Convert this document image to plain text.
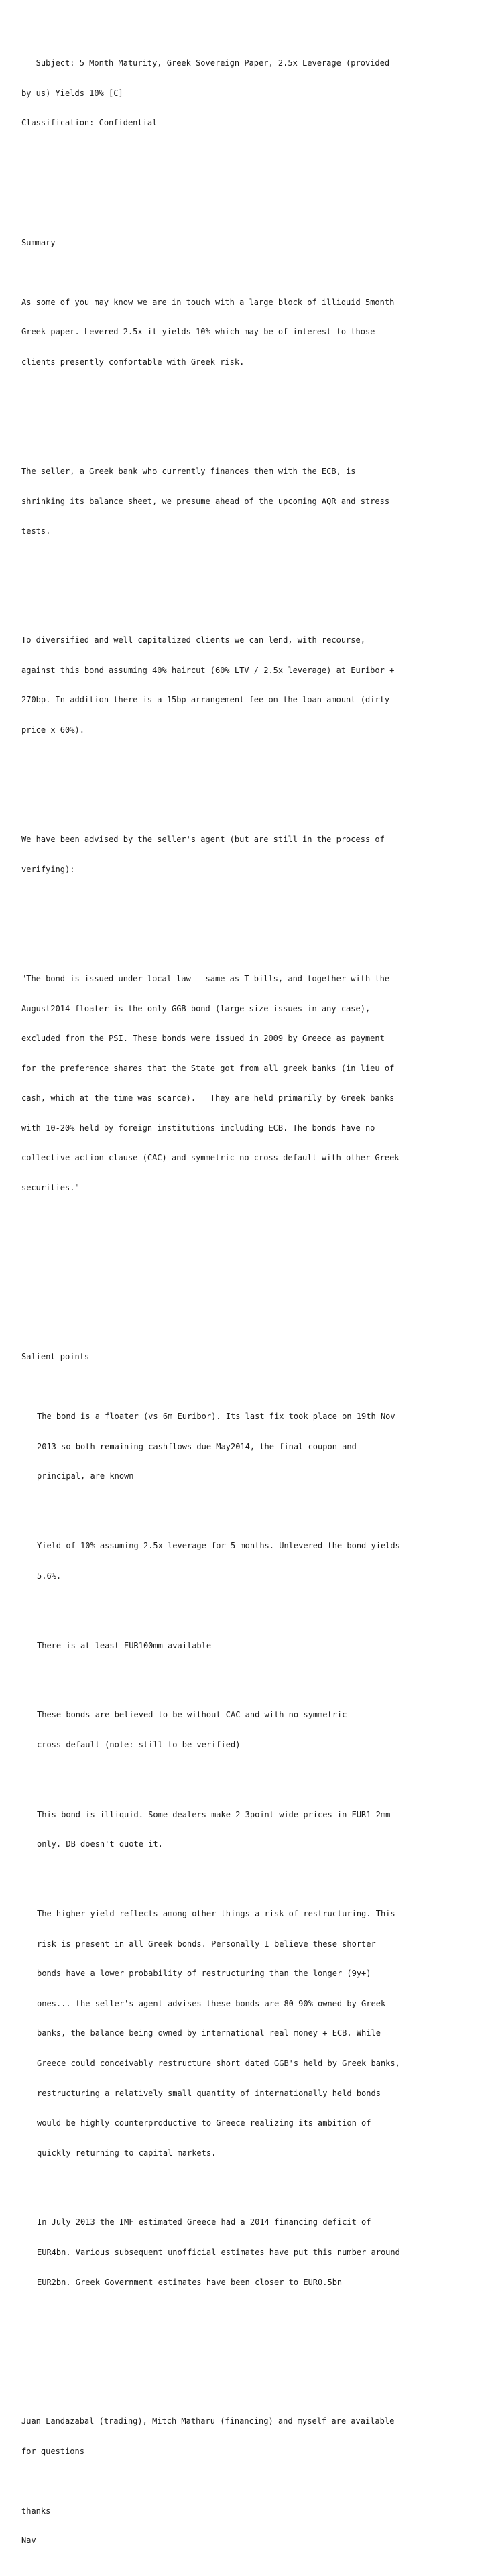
Subject: 5 Month Maturity, Greek Sovereign Paper, 2.5x Leverage (provided

by us) Yields 10% [C]

Classification: Confidential

Summary

As some of you may know we are in touch with a large block of illiquid 5month

Greek paper. Levered 2.5x it yields 10% which may be of interest to those

clients presently comfortable with Greek risk.

The seller, a Greek bank who currently finances them with the ECB, is

shrinking its balance sheet, we presume ahead of the upcoming AQR and stress

tests.

To diversified and well capitalized clients we can lend, with recourse,

against this bond assuming 40% haircut (60% LTV / 2.5x leverage) at Euribor +

270bp. In addition there is a 15bp arrangement fee on the loan amount (dirty

price x 60%).

We have been advised by the seller's agent (but are still in the process of

verifying):

"The bond is issued under local law - same as T-bills, and together with the

August2014 floater is the only GGB bond (large size issues in any case),

excluded from the PSI. These bonds were issued in 2009 by Greece as payment

for the preference shares that the State got from all greek banks (in lieu of

cash, which at the time was scarce).   They are held primarily by Greek banks

with 10-20% held by foreign institutions including ECB. The bonds have no

collective action clause (CAC) and symmetric no cross-default with other Greek

securities."

Salient points

The bond is a floater (vs 6m Euribor). Its last fix took place on 19th Nov

2013 so both remaining cashflows due May2014, the final coupon and

principal, are known

Yield of 10% assuming 2.5x leverage for 5 months. Unlevered the bond yields

5.6%.

There is at least EUR100mm available

These bonds are believed to be without CAC and with no-symmetric

cross-default (note: still to be verified)

This bond is illiquid. Some dealers make 2-3point wide prices in EUR1-2mm

only. DB doesn't quote it.

The higher yield reflects among other things a risk of restructuring. This

risk is present in all Greek bonds. Personally I believe these shorter

bonds have a lower probability of restructuring than the longer (9y+)

ones... the seller's agent advises these bonds are 80-90% owned by Greek

banks, the balance being owned by international real money + ECB. While

Greece could conceivably restructure short dated GGB's held by Greek banks,

restructuring a relatively small quantity of internationally held bonds

would be highly counterproductive to Greece realizing its ambition of

quickly returning to capital markets.

In July 2013 the IMF estimated Greece had a 2014 financing deficit of

EUR4bn. Various subsequent unofficial estimates have put this number around

EUR2bn. Greek Government estimates have been closer to EUR0.5bn

Juan Landazabal (trading), Mitch Matharu (financing) and myself are available

for questions

thanks

Nav
